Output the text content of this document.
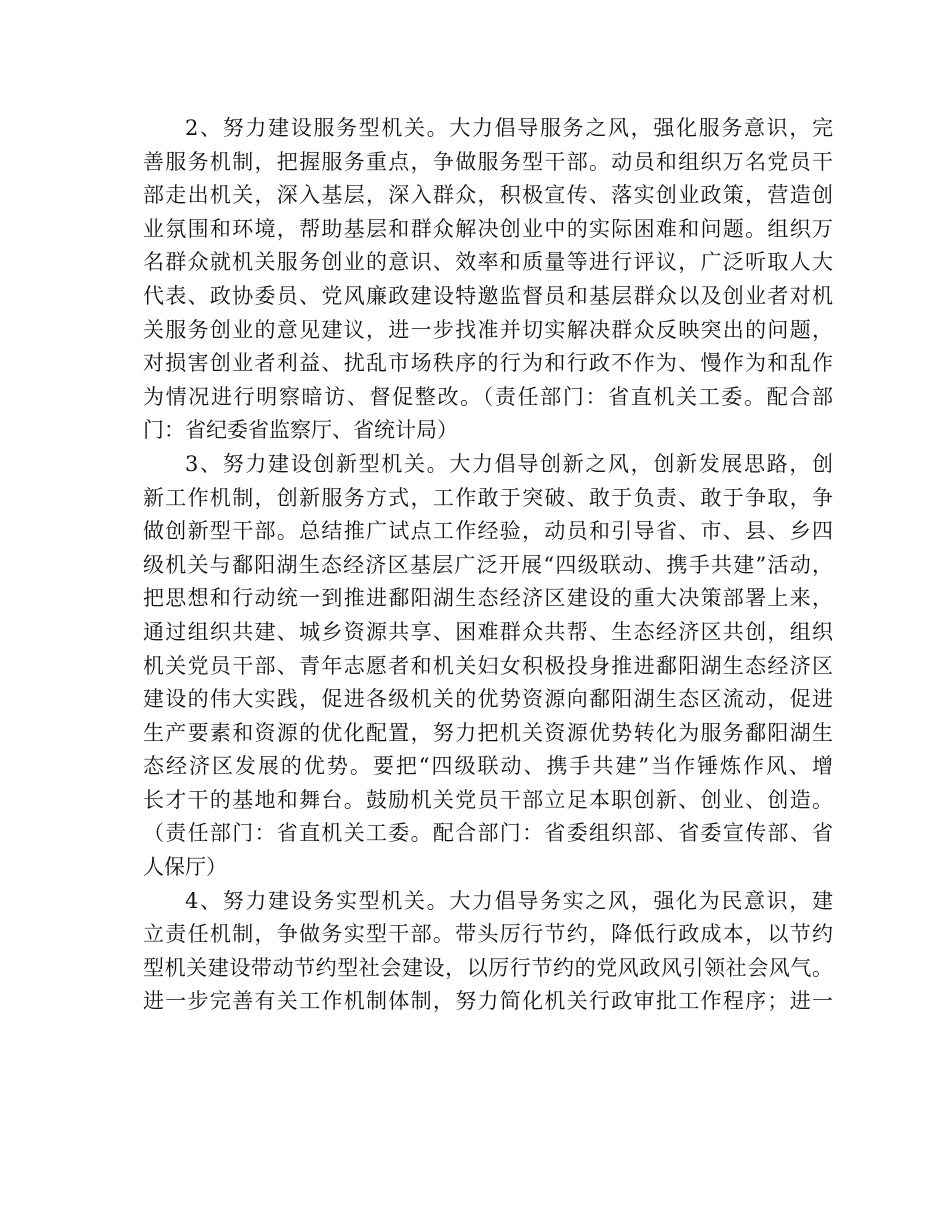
2、努力建设服务型机关。大力倡导服务之风，强化服务意识，完
善服务机制，把握服务重点，争做服务型干部。动员和组织万名党员干
部走出机关，深入基层，深入群众，积极宣传、落实创业政策，营造创
业氛围和环境，帮助基层和群众解决创业中的实际困难和问题。组织万
名群众就机关服务创业的意识、效率和质量等进行评议，广泛听取人大
代表、政协委员、党风廉政建设特邀监督员和基层群众以及创业者对机
关服务创业的意见建议，进一步找准并切实解决群众反映突出的问题，
对损害创业者利益、扰乱市场秩序的行为和行政不作为、慢作为和乱作
为情况进行明察暗访、督促整改。（责任部门：省直机关工委。配合部
门：省纪委省监察厅、省统计局）
3、努力建设创新型机关。大力倡导创新之风，创新发展思路，创
新工作机制，创新服务方式，工作敢于突破、敢于负责、敢于争取，争
做创新型干部。总结推广试点工作经验，动员和引导省、市、县、乡四
级机关与鄱阳湖生态经济区基层广泛开展“四级联动、携手共建”活动，
把思想和行动统一到推进鄱阳湖生态经济区建设的重大决策部署上来，
通过组织共建、城乡资源共享、困难群众共帮、生态经济区共创，组织
机关党员干部、青年志愿者和机关妇女积极投身推进鄱阳湖生态经济区
建设的伟大实践，促进各级机关的优势资源向鄱阳湖生态区流动，促进
生产要素和资源的优化配置，努力把机关资源优势转化为服务鄱阳湖生
态经济区发展的优势。要把“四级联动、携手共建”当作锤炼作风、增
长才干的基地和舞台。鼓励机关党员干部立足本职创新、创业、创造。
（责任部门：省直机关工委。配合部门：省委组织部、省委宣传部、省
人保厅）
4、努力建设务实型机关。大力倡导务实之风，强化为民意识，建
立责任机制，争做务实型干部。带头厉行节约，降低行政成本，以节约
型机关建设带动节约型社会建设，以厉行节约的党风政风引领社会风气。
进一步完善有关工作机制体制，努力简化机关行政审批工作程序；进一
